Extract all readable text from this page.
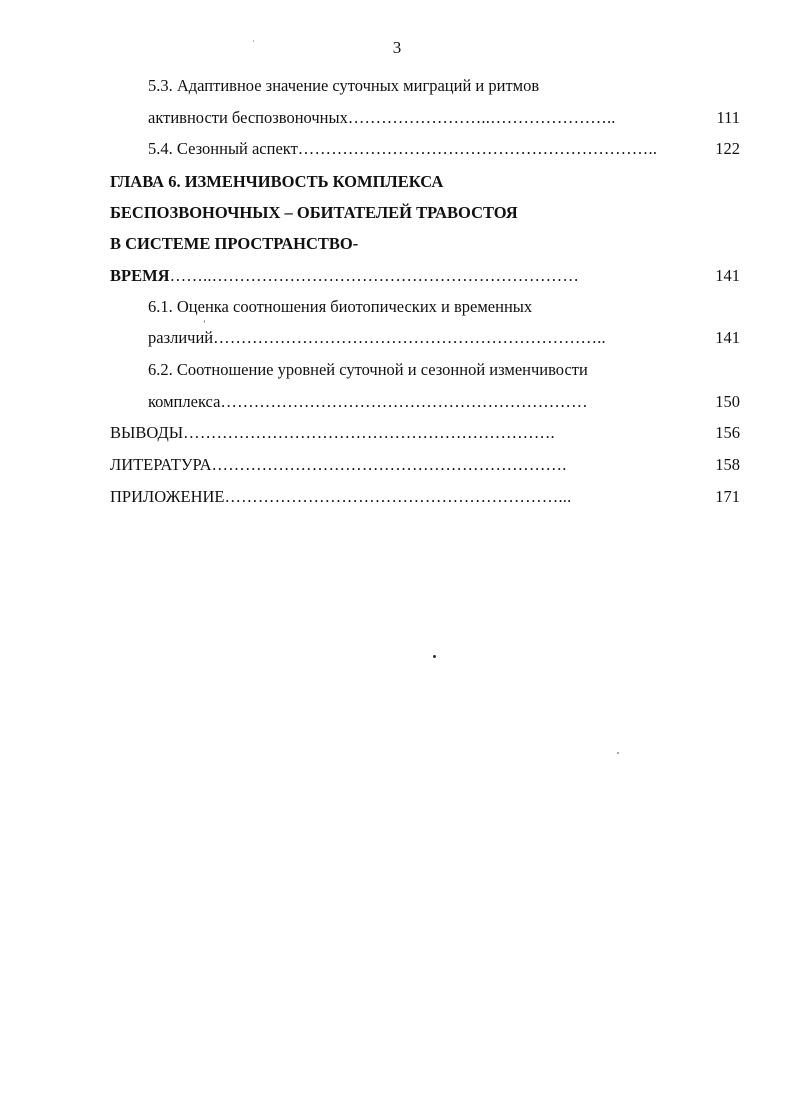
3
5.3. Адаптивное значение суточных миграций и ритмов
активности беспозвоночных……………………..…………………..	111
5.4. Сезонный аспект………………………………………………………..	122
ГЛАВА 6. ИЗМЕНЧИВОСТЬ КОМПЛЕКСА
БЕСПОЗВОНОЧНЫХ – ОБИТАТЕЛЕЙ ТРАВОСТОЯ
В СИСТЕМЕ ПРОСТРАНСТВО-
ВРЕМЯ……..…………………………………………………………	141
6.1. Оценка соотношения биотопических и временных
различий……………………………………………………………..	141
6.2. Соотношение уровней суточной и сезонной изменчивости
комплекса…………………………………………………………	150
ВЫВОДЫ………………………………………………………….	156
ЛИТЕРАТУРА……………………………………………………….	158
ПРИЛОЖЕНИЕ……………………………………………………...	171
